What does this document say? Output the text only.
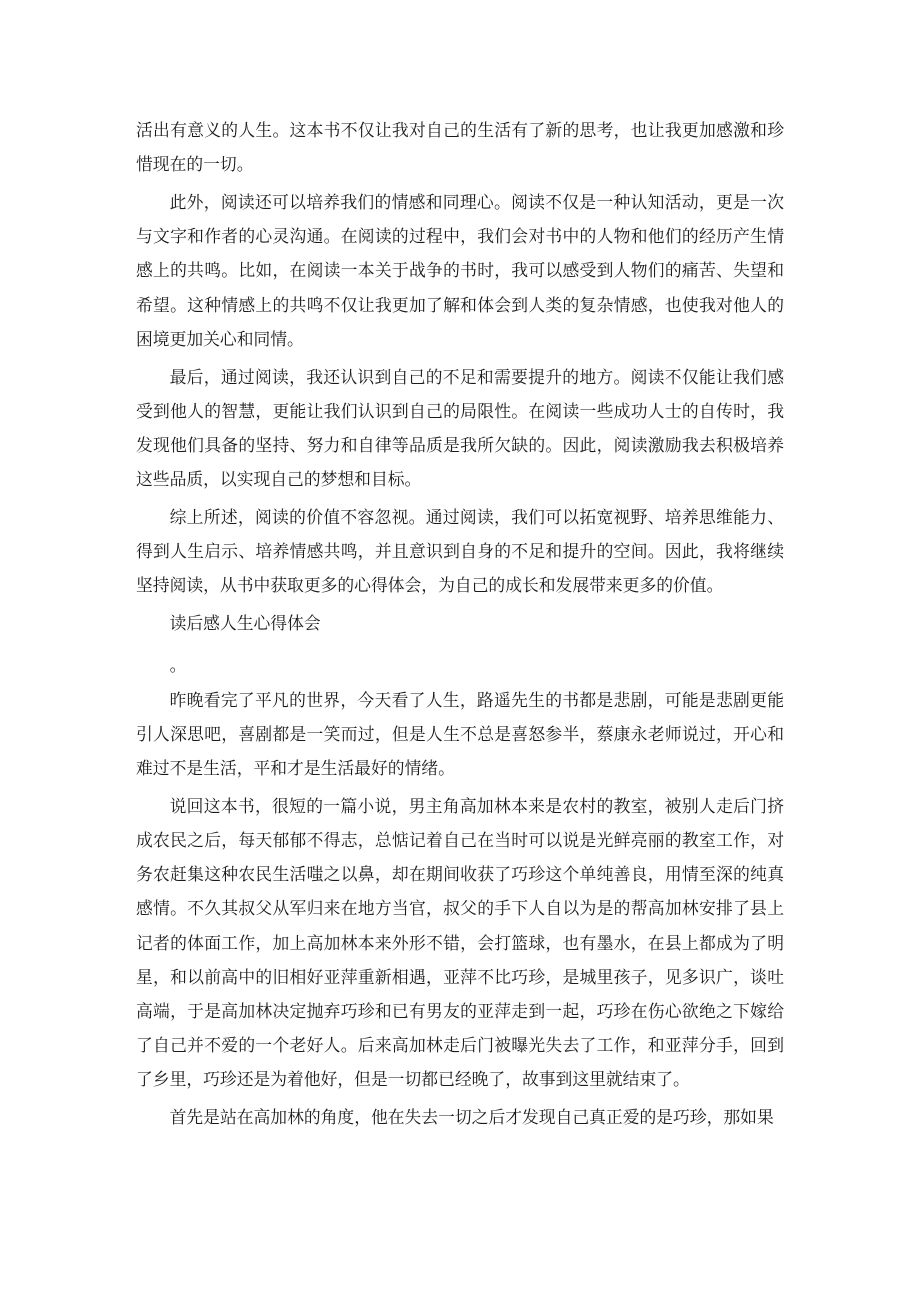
活出有意义的人生。这本书不仅让我对自己的生活有了新的思考，也让我更加感激和珍惜现在的一切。

此外，阅读还可以培养我们的情感和同理心。阅读不仅是一种认知活动，更是一次与文字和作者的心灵沟通。在阅读的过程中，我们会对书中的人物和他们的经历产生情感上的共鸣。比如，在阅读一本关于战争的书时，我可以感受到人物们的痛苦、失望和希望。这种情感上的共鸣不仅让我更加了解和体会到人类的复杂情感，也使我对他人的困境更加关心和同情。

最后，通过阅读，我还认识到自己的不足和需要提升的地方。阅读不仅能让我们感受到他人的智慧，更能让我们认识到自己的局限性。在阅读一些成功人士的自传时，我发现他们具备的坚持、努力和自律等品质是我所欠缺的。因此，阅读激励我去积极培养这些品质，以实现自己的梦想和目标。

综上所述，阅读的价值不容忽视。通过阅读，我们可以拓宽视野、培养思维能力、得到人生启示、培养情感共鸣，并且意识到自身的不足和提升的空间。因此，我将继续坚持阅读，从书中获取更多的心得体会，为自己的成长和发展带来更多的价值。

读后感人生心得体会

。

昨晚看完了平凡的世界，今天看了人生，路遥先生的书都是悲剧，可能是悲剧更能引人深思吧，喜剧都是一笑而过，但是人生不总是喜怒参半，蔡康永老师说过，开心和难过不是生活，平和才是生活最好的情绪。

说回这本书，很短的一篇小说，男主角高加林本来是农村的教室，被别人走后门挤成农民之后，每天郁郁不得志，总惦记着自己在当时可以说是光鲜亮丽的教室工作，对务农赶集这种农民生活嗤之以鼻，却在期间收获了巧珍这个单纯善良，用情至深的纯真感情。不久其叔父从军归来在地方当官，叔父的手下人自以为是的帮高加林安排了县上记者的体面工作，加上高加林本来外形不错，会打篮球，也有墨水，在县上都成为了明星，和以前高中的旧相好亚萍重新相遇，亚萍不比巧珍，是城里孩子，见多识广，谈吐高端，于是高加林决定抛弃巧珍和已有男友的亚萍走到一起，巧珍在伤心欲绝之下嫁给了自己并不爱的一个老好人。后来高加林走后门被曝光失去了工作，和亚萍分手，回到了乡里，巧珍还是为着他好，但是一切都已经晚了，故事到这里就结束了。

首先是站在高加林的角度，他在失去一切之后才发现自己真正爱的是巧珍，那如果
